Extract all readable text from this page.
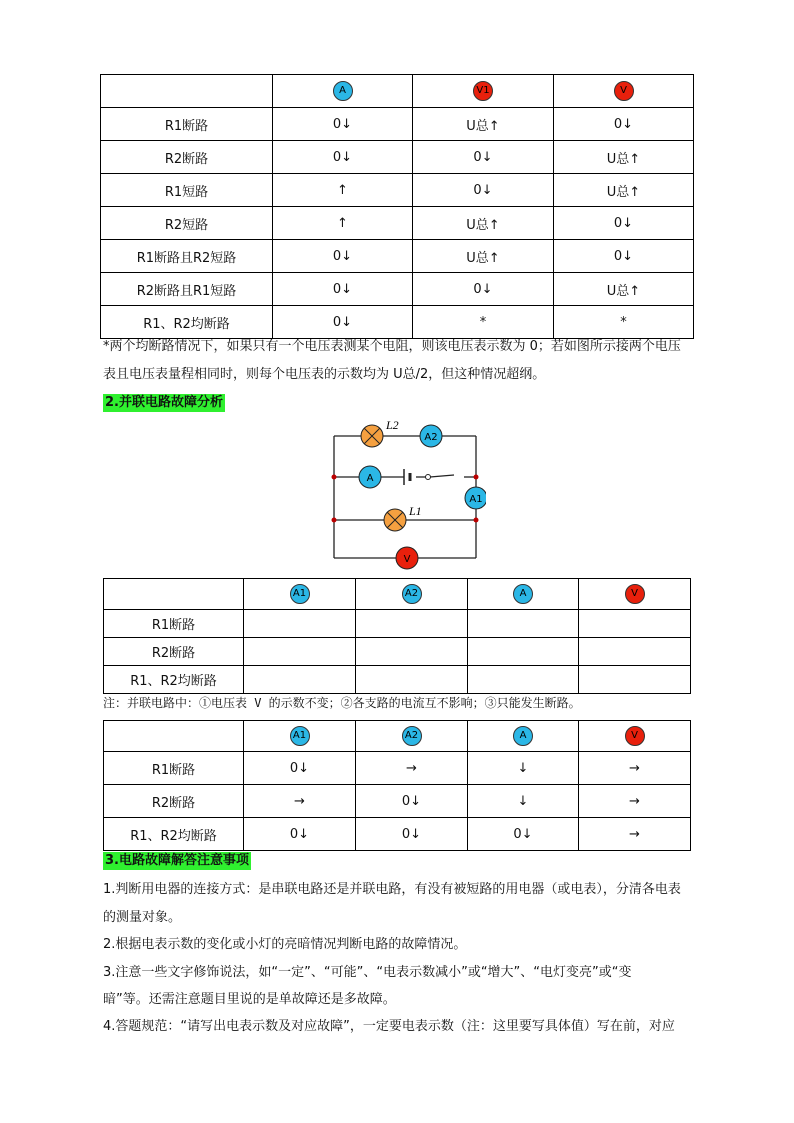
	A	V1	V
R1断路	0↓	U总↑	0↓
R2断路	0↓	0↓	U总↑
R1短路	↑	0↓	U总↑
R2短路	↑	U总↑	0↓
R1断路且R2短路	0↓	U总↑	0↓
R2断路且R1短路	0↓	0↓	U总↑
R1、R2均断路	0↓	*	*
*两个均断路情况下，如果只有一个电压表测某个电阻，则该电压表示数为 0；若如图所示接两个电压
表且电压表量程相同时，则每个电压表的示数均为 U总/2，但这种情况超纲。
2.并联电路故障分析
L2
A2
A
A1
L1
V
	A1	A2	A	V
R1断路				
R2断路				
R1、R2均断路				
注：并联电路中：①电压表 V 的示数不变；②各支路的电流互不影响；③只能发生断路。
	A1	A2	A	V
R1断路	0↓	→	↓	→
R2断路	→	0↓	↓	→
R1、R2均断路	0↓	0↓	0↓	→
3.电路故障解答注意事项
1.判断用电器的连接方式：是串联电路还是并联电路，有没有被短路的用电器（或电表），分清各电表
的测量对象。
2.根据电表示数的变化或小灯的亮暗情况判断电路的故障情况。
3.注意一些文字修饰说法，如“一定”、“可能”、“电表示数减小”或“增大”、“电灯变亮”或“变
暗”等。还需注意题目里说的是单故障还是多故障。
4.答题规范：“请写出电表示数及对应故障”，一定要电表示数（注：这里要写具体值）写在前，对应
